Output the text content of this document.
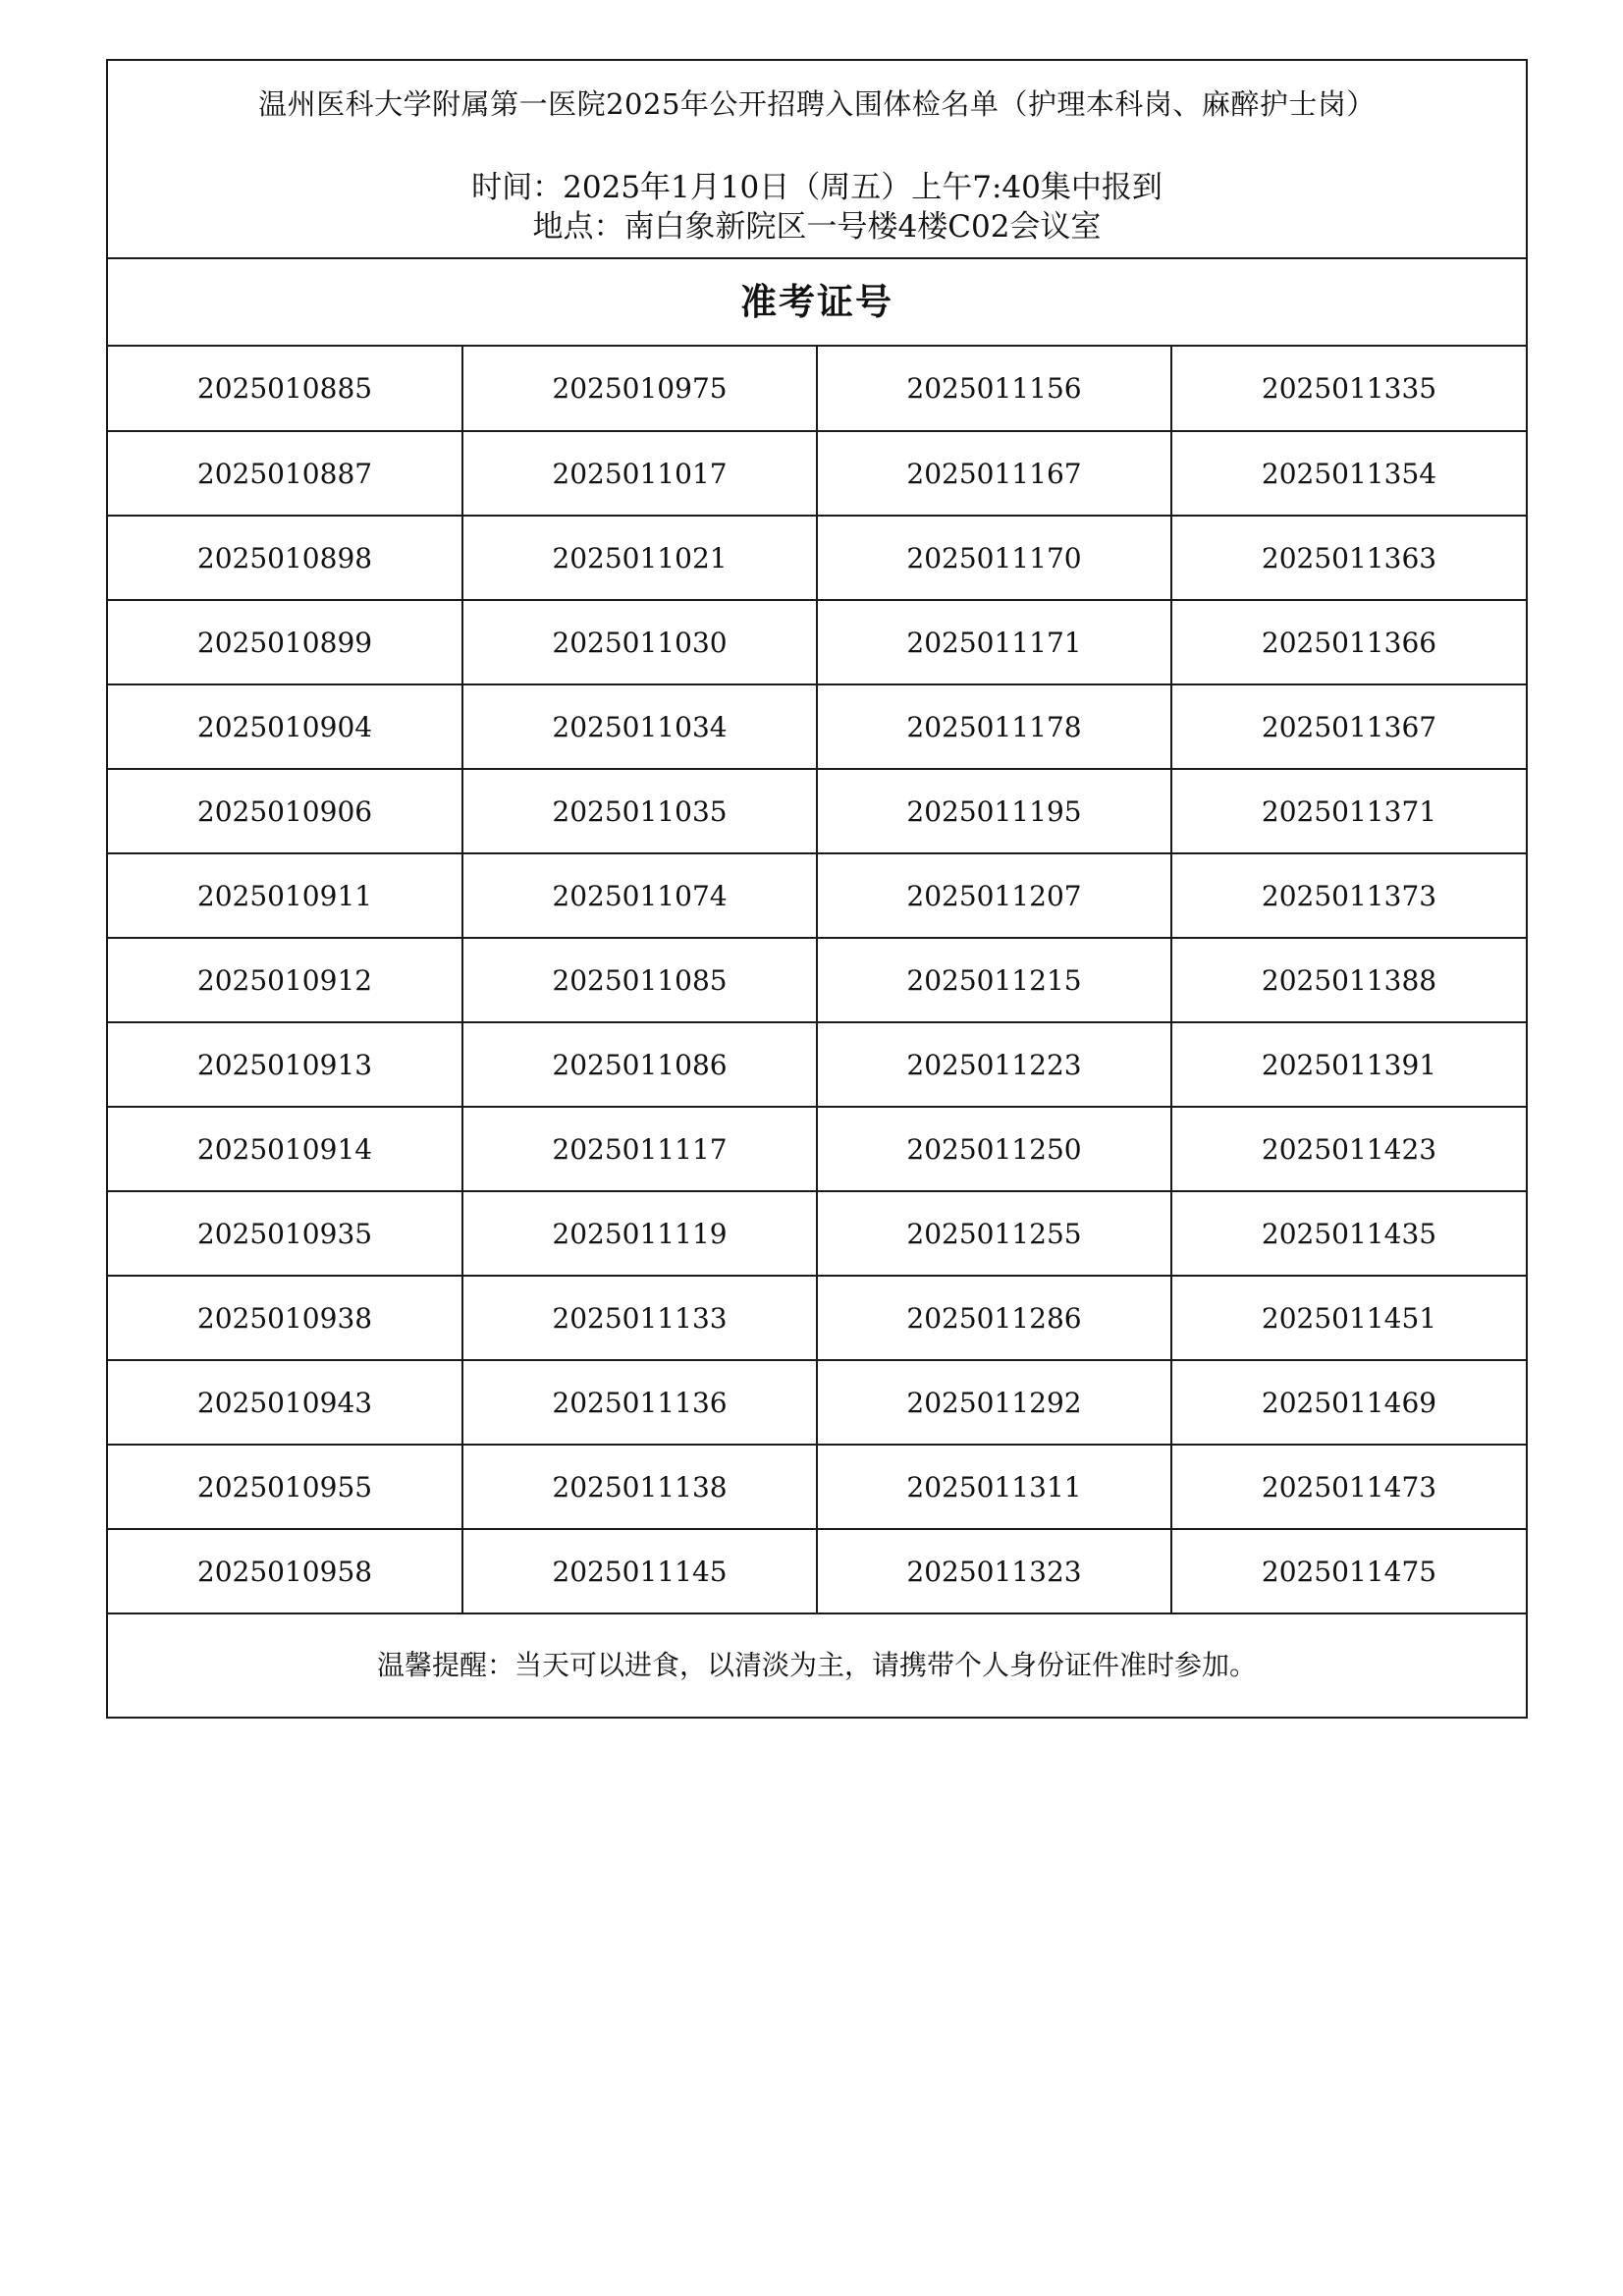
温州医科大学附属第一医院2025年公开招聘入围体检名单（护理本科岗、麻醉护士岗）
时间：2025年1月10日（周五）上午7:40集中报到
地点：南白象新院区一号楼4楼C02会议室
准考证号
2025010885	2025010975	2025011156	2025011335
2025010887	2025011017	2025011167	2025011354
2025010898	2025011021	2025011170	2025011363
2025010899	2025011030	2025011171	2025011366
2025010904	2025011034	2025011178	2025011367
2025010906	2025011035	2025011195	2025011371
2025010911	2025011074	2025011207	2025011373
2025010912	2025011085	2025011215	2025011388
2025010913	2025011086	2025011223	2025011391
2025010914	2025011117	2025011250	2025011423
2025010935	2025011119	2025011255	2025011435
2025010938	2025011133	2025011286	2025011451
2025010943	2025011136	2025011292	2025011469
2025010955	2025011138	2025011311	2025011473
2025010958	2025011145	2025011323	2025011475
温馨提醒：当天可以进食，以清淡为主，请携带个人身份证件准时参加。
